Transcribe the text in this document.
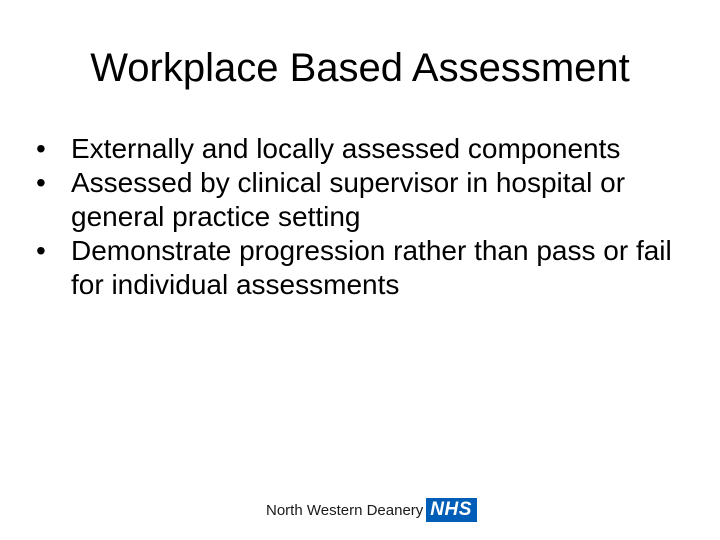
Workplace Based Assessment
• Externally and locally assessed components
• Assessed by clinical supervisor in hospital or general practice setting
• Demonstrate progression rather than pass or fail for individual assessments
North Western Deanery NHS
